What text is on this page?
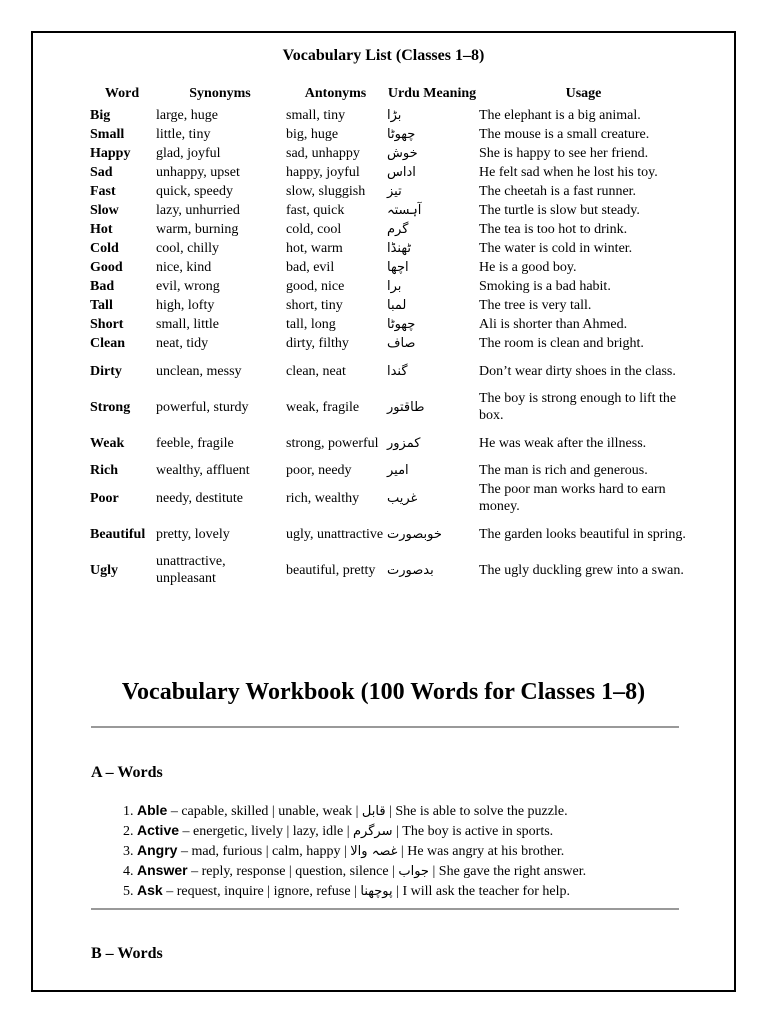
Vocabulary List (Classes 1–8)
Word	Synonyms	Antonyms	Urdu Meaning	Usage
Big	large, huge	small, tiny	بڑا	The elephant is a big animal.
Small	little, tiny	big, huge	چھوٹا	The mouse is a small creature.
Happy	glad, joyful	sad, unhappy	خوش	She is happy to see her friend.
Sad	unhappy, upset	happy, joyful	اداس	He felt sad when he lost his toy.
Fast	quick, speedy	slow, sluggish	تیز	The cheetah is a fast runner.
Slow	lazy, unhurried	fast, quick	آہستہ	The turtle is slow but steady.
Hot	warm, burning	cold, cool	گرم	The tea is too hot to drink.
Cold	cool, chilly	hot, warm	ٹھنڈا	The water is cold in winter.
Good	nice, kind	bad, evil	اچھا	He is a good boy.
Bad	evil, wrong	good, nice	برا	Smoking is a bad habit.
Tall	high, lofty	short, tiny	لمبا	The tree is very tall.
Short	small, little	tall, long	چھوٹا	Ali is shorter than Ahmed.
Clean	neat, tidy	dirty, filthy	صاف	The room is clean and bright.
Dirty	unclean, messy	clean, neat	گندا	Don’t wear dirty shoes in the class.
Strong	powerful, sturdy	weak, fragile	طاقتور	The boy is strong enough to lift the box.
Weak	feeble, fragile	strong, powerful	کمزور	He was weak after the illness.
Rich	wealthy, affluent	poor, needy	امیر	The man is rich and generous.
Poor	needy, destitute	rich, wealthy	غریب	The poor man works hard to earn money.
Beautiful	pretty, lovely	ugly, unattractive	خوبصورت	The garden looks beautiful in spring.
Ugly	unattractive, unpleasant	beautiful, pretty	بدصورت	The ugly duckling grew into a swan.
Vocabulary Workbook (100 Words for Classes 1–8)
A – Words
1. Able – capable, skilled | unable, weak | قابل | She is able to solve the puzzle.
2. Active – energetic, lively | lazy, idle | سرگرم | The boy is active in sports.
3. Angry – mad, furious | calm, happy | غصہ والا | He was angry at his brother.
4. Answer – reply, response | question, silence | جواب | She gave the right answer.
5. Ask – request, inquire | ignore, refuse | پوچھنا | I will ask the teacher for help.
B – Words
